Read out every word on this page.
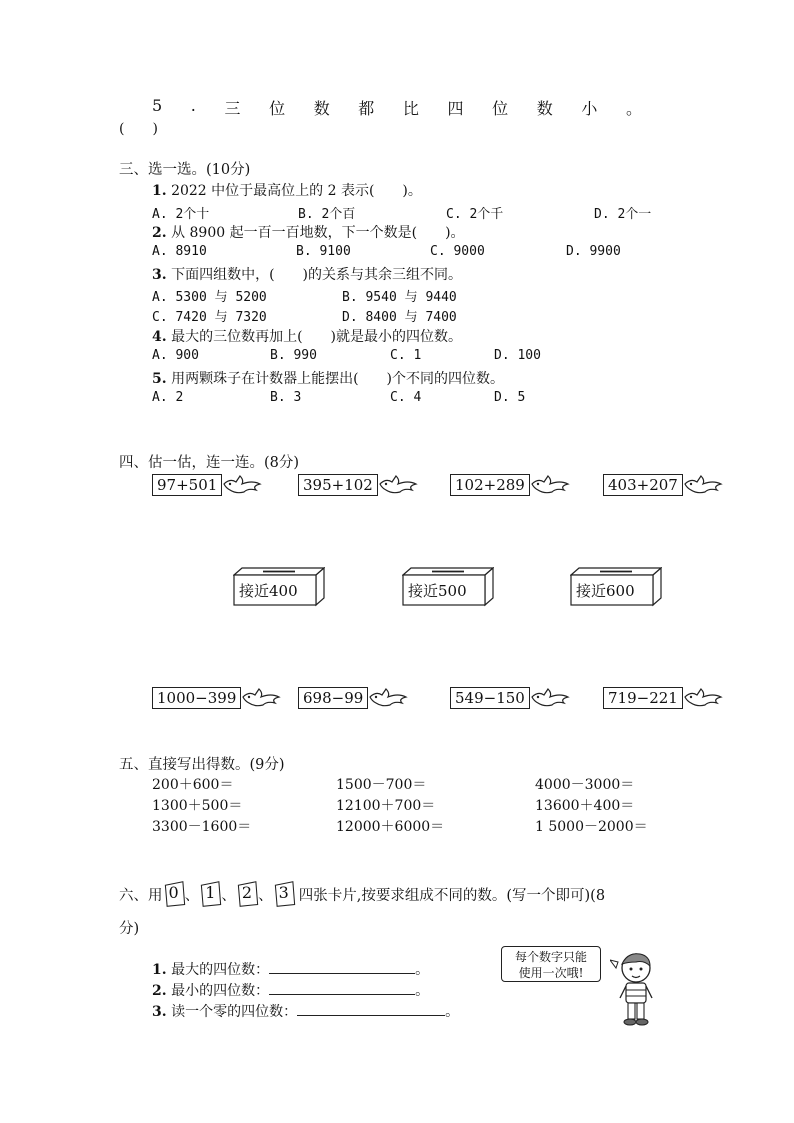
5 . 三 位 数 都 比 四 位 数 小 。
(　　)
三、选一选。(10分)
1. 2022 中位于最高位上的 2 表示(　　)。
A. 2个十	B. 2个百	C. 2个千	D. 2个一
2. 从 8900 起一百一百地数，下一个数是(　　)。
A. 8910	B. 9100	C. 9000	D. 9900
3. 下面四组数中，(　　)的关系与其余三组不同。
A. 5300 与 5200	B. 9540 与 9440
C. 7420 与 7320	D. 8400 与 7400
4. 最大的三位数再加上(　　)就是最小的四位数。
A. 900	B. 990	C. 1	D. 100
5. 用两颗珠子在计数器上能摆出(　　)个不同的四位数。
A. 2	B. 3	C. 4	D. 5
四、估一估，连一连。(8分)
97+501	395+102	102+289	403+207
接近400	接近500	接近600
1000−399	698−99	549−150	719−221
五、直接写出得数。(9分)
200＋600＝	1500－700＝	4000－3000＝
1300＋500＝	12100＋700＝	13600＋400＝
3300－1600＝	12000＋6000＝	1 5000－2000＝
六、用 0 、 1 、 2 、 3 四张卡片,按要求组成不同的数。(写一个即可)(8
分)
每个数字只能
使用一次哦!
1. 最大的四位数：	。
2. 最小的四位数：	。
3. 读一个零的四位数：	。
